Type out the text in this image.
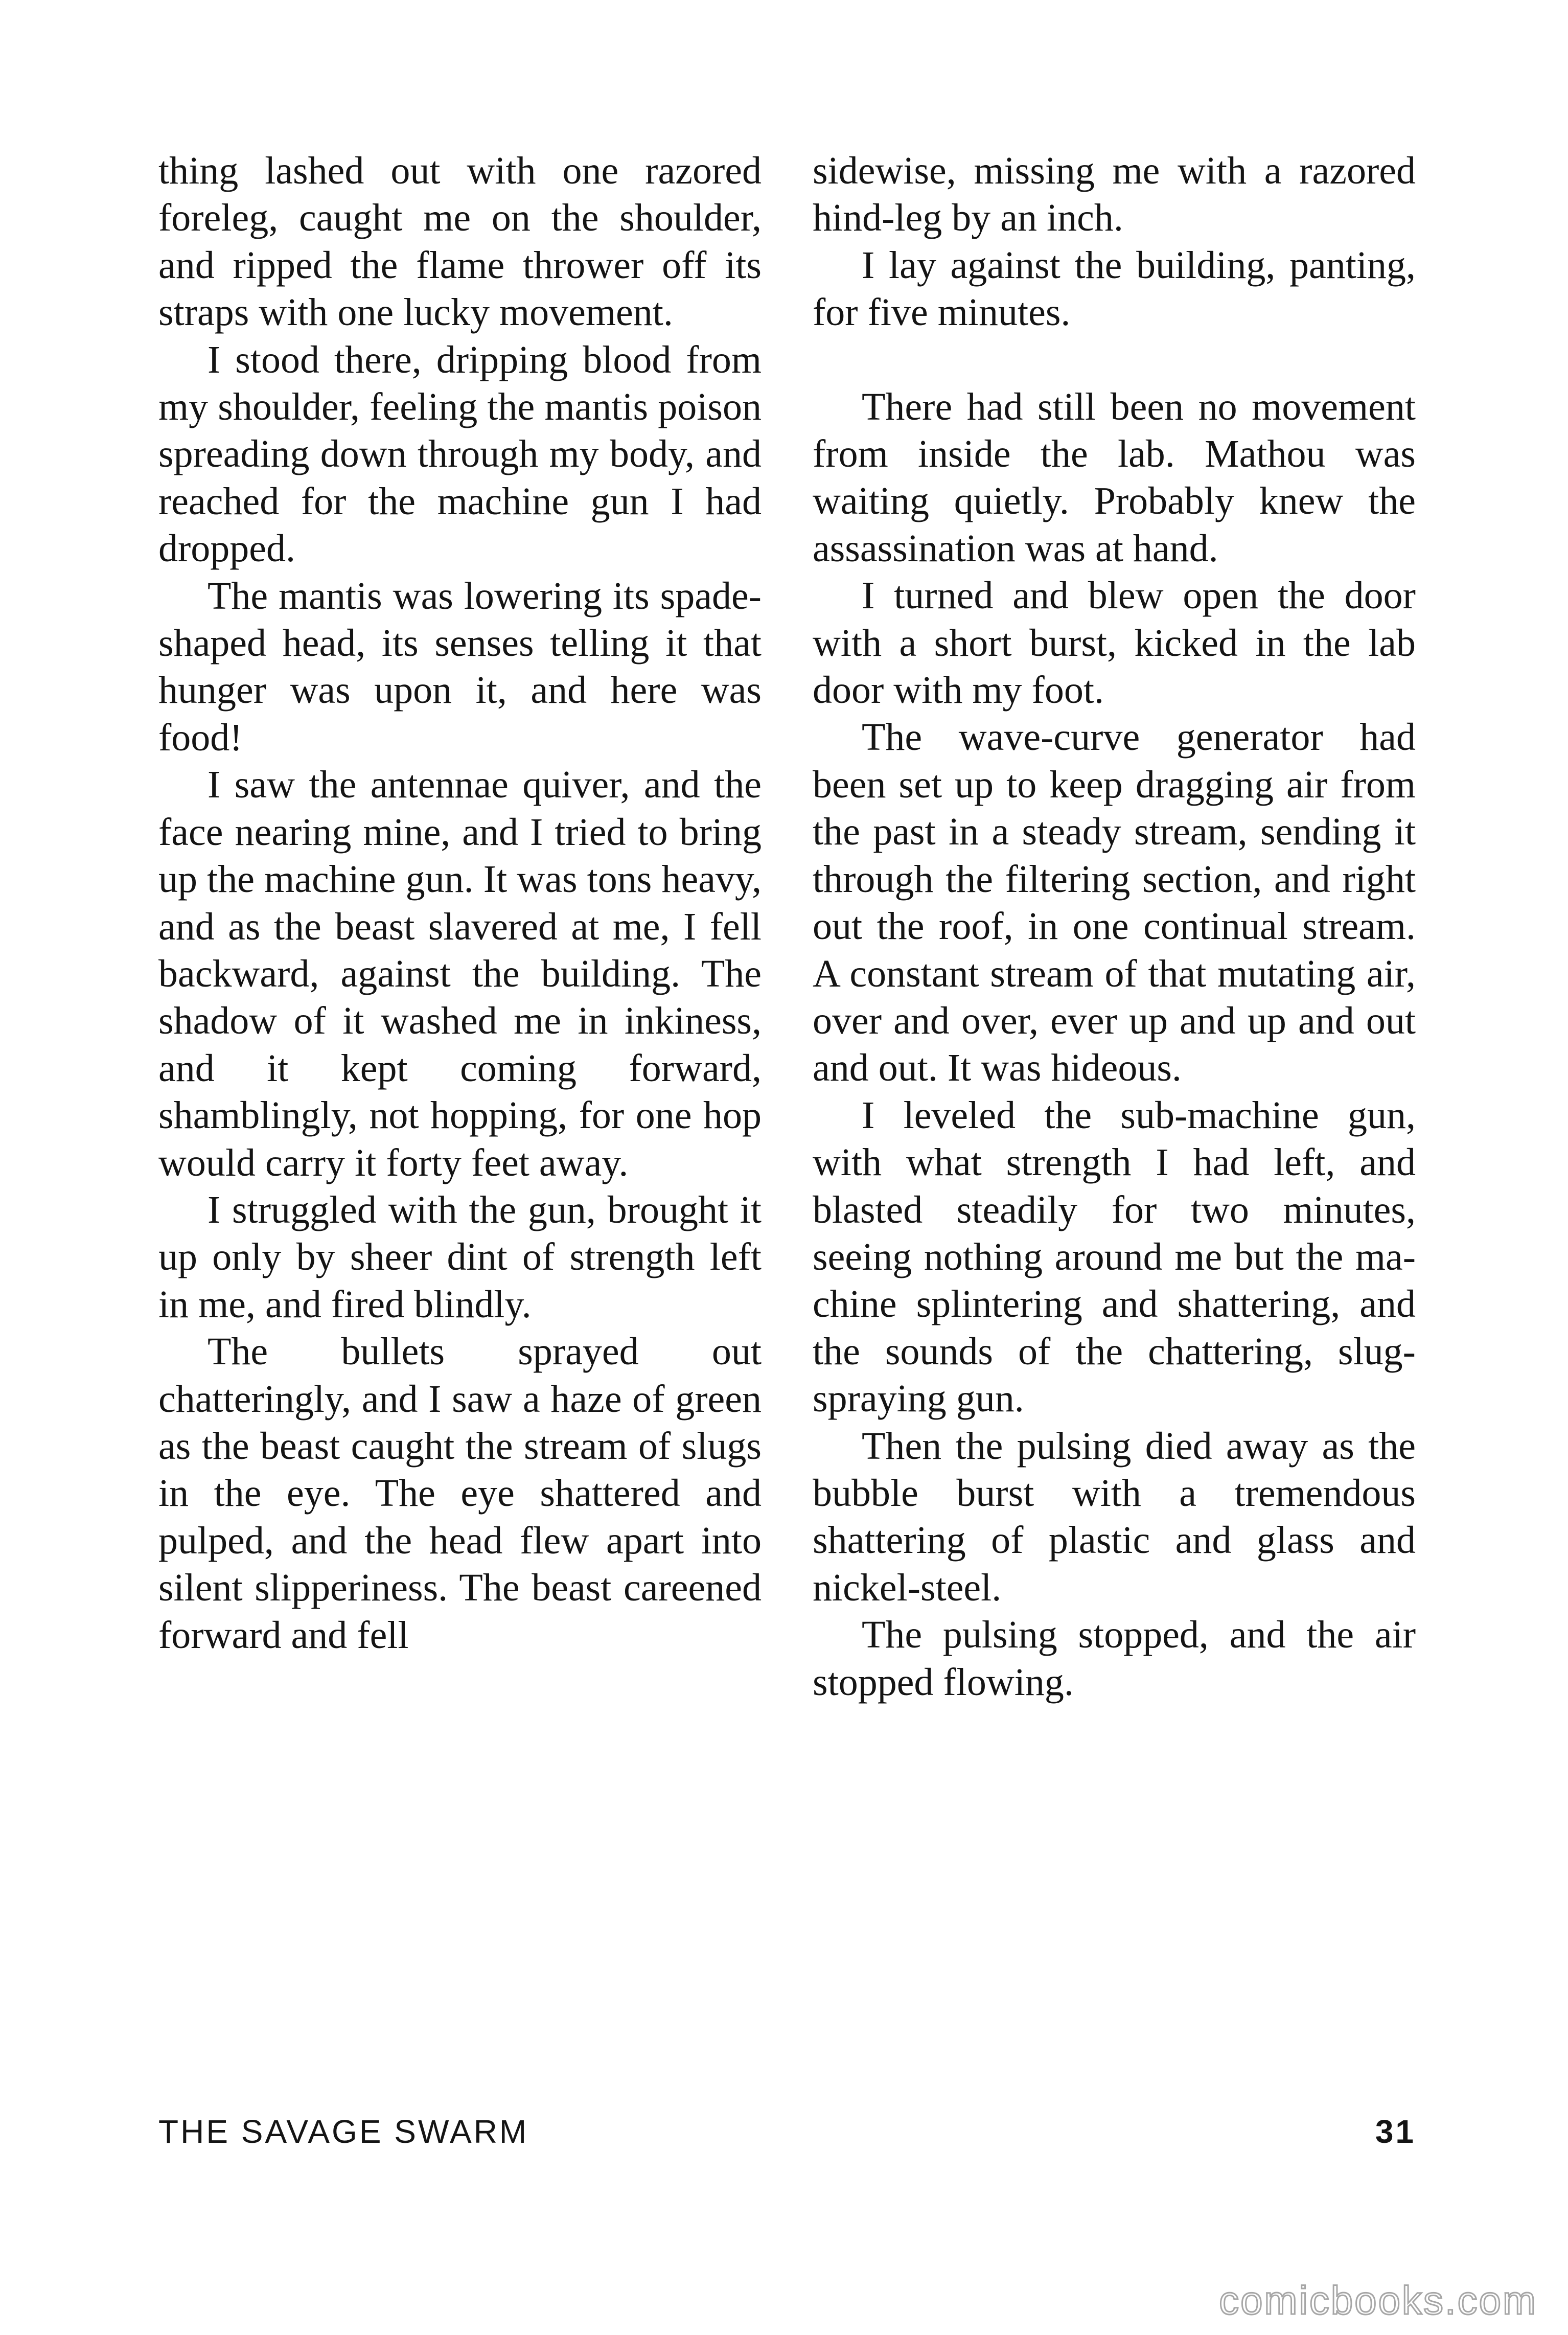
thing lashed out with one razored foreleg, caught me on the shoulder, and ripped the flame thrower off its straps with one lucky movement.

I stood there, dripping blood from my shoulder, feeling the mantis poison spreading down through my body, and reached for the machine gun I had dropped.

The mantis was lowering its spade-shaped head, its senses telling it that hunger was upon it, and here was food!

I saw the antennae quiver, and the face nearing mine, and I tried to bring up the machine gun. It was tons heavy, and as the beast slavered at me, I fell backward, against the building. The shadow of it washed me in inkiness, and it kept coming forward, shamblingly, not hopping, for one hop would carry it forty feet away.

I struggled with the gun, brought it up only by sheer dint of strength left in me, and fired blindly.

The bullets sprayed out chatteringly, and I saw a haze of green as the beast caught the stream of slugs in the eye. The eye shattered and pulped, and the head flew apart into silent slipperiness. The beast careened forward and fell

sidewise, missing me with a razored hind-leg by an inch.

I lay against the building, panting, for five minutes.

There had still been no movement from inside the lab. Mathou was waiting quietly. Probably knew the assassination was at hand.

I turned and blew open the door with a short burst, kicked in the lab door with my foot.

The wave-curve generator had been set up to keep dragging air from the past in a steady stream, sending it through the filtering section, and right out the roof, in one continual stream. A constant stream of that mutating air, over and over, ever up and up and out and out. It was hideous.

I leveled the sub-machine gun, with what strength I had left, and blasted steadily for two minutes, seeing nothing around me but the machine splintering and shattering, and the sounds of the chattering, slug-spraying gun.

Then the pulsing died away as the bubble burst with a tremendous shattering of plastic and glass and nickel-steel.

The pulsing stopped, and the air stopped flowing.

THE SAVAGE SWARM	31
comicbooks.com
